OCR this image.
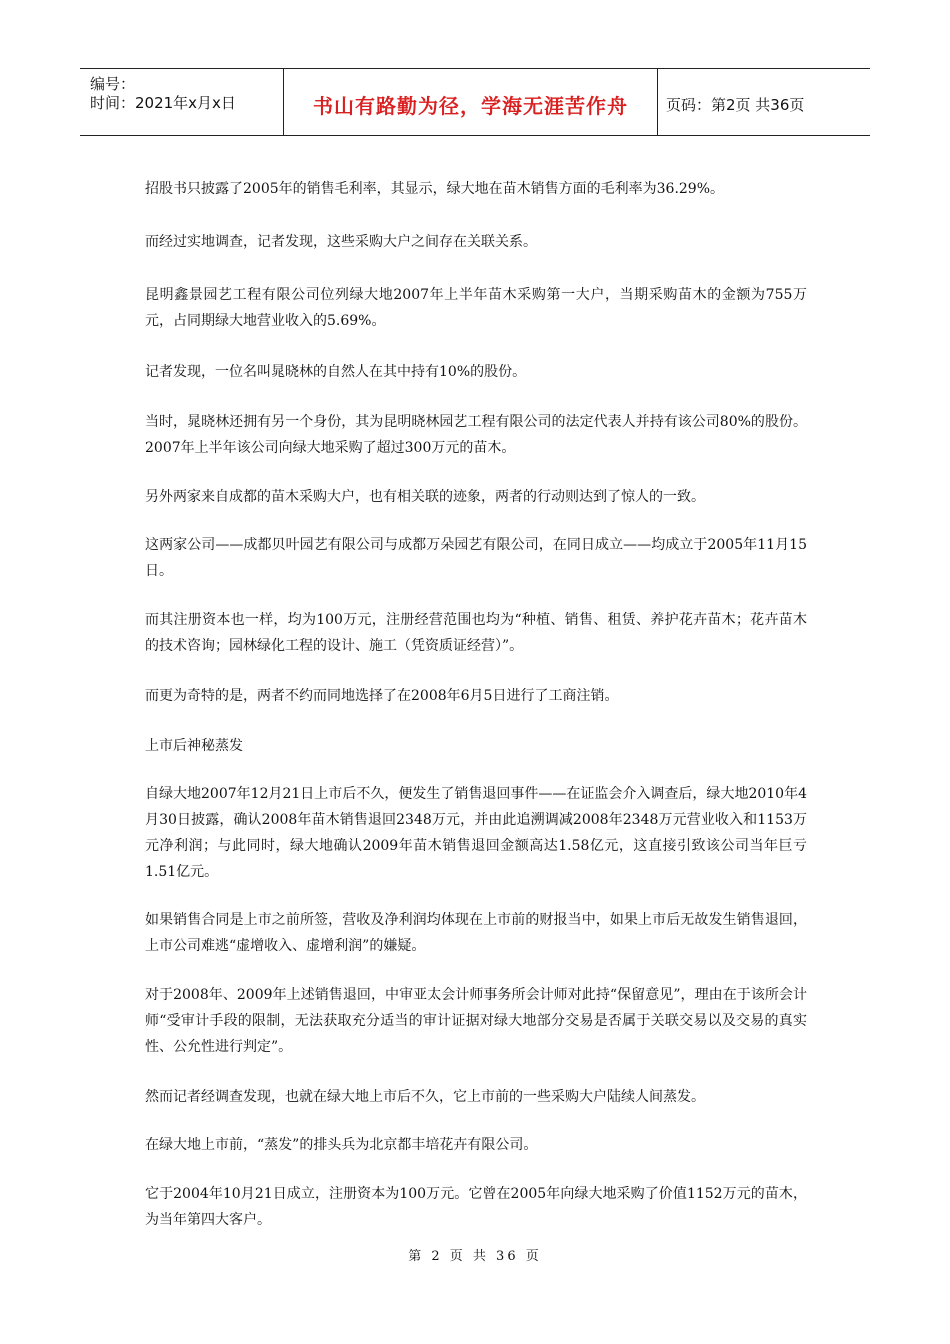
编号：
时间：2021年x月x日	书山有路勤为径，学海无涯苦作舟	页码：第2页 共36页

招股书只披露了2005年的销售毛利率，其显示，绿大地在苗木销售方面的毛利率为36.29%。

而经过实地调查，记者发现，这些采购大户之间存在关联关系。

昆明鑫景园艺工程有限公司位列绿大地2007年上半年苗木采购第一大户，当期采购苗木的金额为755万元，占同期绿大地营业收入的5.69%。

记者发现，一位名叫晁晓林的自然人在其中持有10%的股份。

当时，晁晓林还拥有另一个身份，其为昆明晓林园艺工程有限公司的法定代表人并持有该公司80%的股份。2007年上半年该公司向绿大地采购了超过300万元的苗木。

另外两家来自成都的苗木采购大户，也有相关联的迹象，两者的行动则达到了惊人的一致。

这两家公司——成都贝叶园艺有限公司与成都万朵园艺有限公司，在同日成立——均成立于2005年11月15日。

而其注册资本也一样，均为100万元，注册经营范围也均为“种植、销售、租赁、养护花卉苗木；花卉苗木的技术咨询；园林绿化工程的设计、施工（凭资质证经营）”。

而更为奇特的是，两者不约而同地选择了在2008年6月5日进行了工商注销。

上市后神秘蒸发

自绿大地2007年12月21日上市后不久，便发生了销售退回事件——在证监会介入调查后，绿大地2010年4月30日披露，确认2008年苗木销售退回2348万元，并由此追溯调减2008年2348万元营业收入和1153万元净利润；与此同时，绿大地确认2009年苗木销售退回金额高达1.58亿元，这直接引致该公司当年巨亏1.51亿元。

如果销售合同是上市之前所签，营收及净利润均体现在上市前的财报当中，如果上市后无故发生销售退回，上市公司难逃“虚增收入、虚增利润”的嫌疑。

对于2008年、2009年上述销售退回，中审亚太会计师事务所会计师对此持“保留意见”，理由在于该所会计师“受审计手段的限制，无法获取充分适当的审计证据对绿大地部分交易是否属于关联交易以及交易的真实性、公允性进行判定”。

然而记者经调查发现，也就在绿大地上市后不久，它上市前的一些采购大户陆续人间蒸发。

在绿大地上市前，“蒸发”的排头兵为北京都丰培花卉有限公司。

它于2004年10月21日成立，注册资本为100万元。它曾在2005年向绿大地采购了价值1152万元的苗木，为当年第四大客户。

第 2 页 共 36 页
